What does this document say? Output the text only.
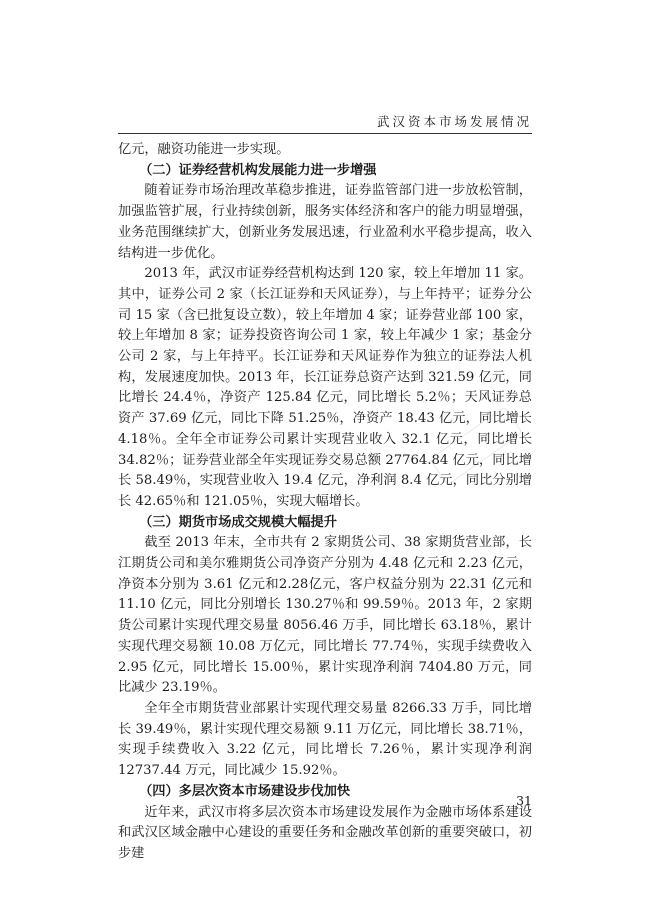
武汉资本市场发展情况

亿元，融资功能进一步实现。

（二）证券经营机构发展能力进一步增强

随着证券市场治理改革稳步推进，证券监管部门进一步放松管制，加强监管扩展，行业持续创新，服务实体经济和客户的能力明显增强，业务范围继续扩大，创新业务发展迅速，行业盈利水平稳步提高，收入结构进一步优化。

2013 年，武汉市证券经营机构达到 120 家，较上年增加 11 家。其中，证券公司 2 家（长江证券和天风证券），与上年持平；证券分公司 15 家（含已批复设立数），较上年增加 4 家；证券营业部 100 家，较上年增加 8 家；证券投资咨询公司 1 家，较上年减少 1 家；基金分公司 2 家，与上年持平。长江证券和天风证券作为独立的证券法人机构，发展速度加快。2013 年，长江证券总资产达到 321.59 亿元，同比增长 24.4％，净资产 125.84 亿元，同比增长 5.2％；天风证券总资产 37.69 亿元，同比下降 51.25％，净资产 18.43 亿元，同比增长 4.18％。全年全市证券公司累计实现营业收入 32.1 亿元，同比增长 34.82％；证券营业部全年实现证券交易总额 27764.84 亿元，同比增长 58.49％，实现营业收入 19.4 亿元，净利润 8.4 亿元，同比分别增长 42.65％和 121.05％，实现大幅增长。

（三）期货市场成交规模大幅提升

截至 2013 年末，全市共有 2 家期货公司、38 家期货营业部，长江期货公司和美尔雅期货公司净资产分别为 4.48 亿元和 2.23 亿元，净资本分别为 3.61 亿元和2.28亿元，客户权益分别为 22.31 亿元和 11.10 亿元，同比分别增长 130.27％和 99.59％。2013 年，2 家期货公司累计实现代理交易量 8056.46 万手，同比增长 63.18％，累计实现代理交易额 10.08 万亿元，同比增长 77.74％，实现手续费收入 2.95 亿元，同比增长 15.00％，累计实现净利润 7404.80 万元，同比减少 23.19％。

全年全市期货营业部累计实现代理交易量 8266.33 万手，同比增长 39.49％，累计实现代理交易额 9.11 万亿元，同比增长 38.71％，实现手续费收入 3.22 亿元，同比增长 7.26％，累计实现净利润 12737.44 万元，同比减少 15.92％。

（四）多层次资本市场建设步伐加快

近年来，武汉市将多层次资本市场建设发展作为金融市场体系建设和武汉区域金融中心建设的重要任务和金融改革创新的重要突破口，初步建

31
